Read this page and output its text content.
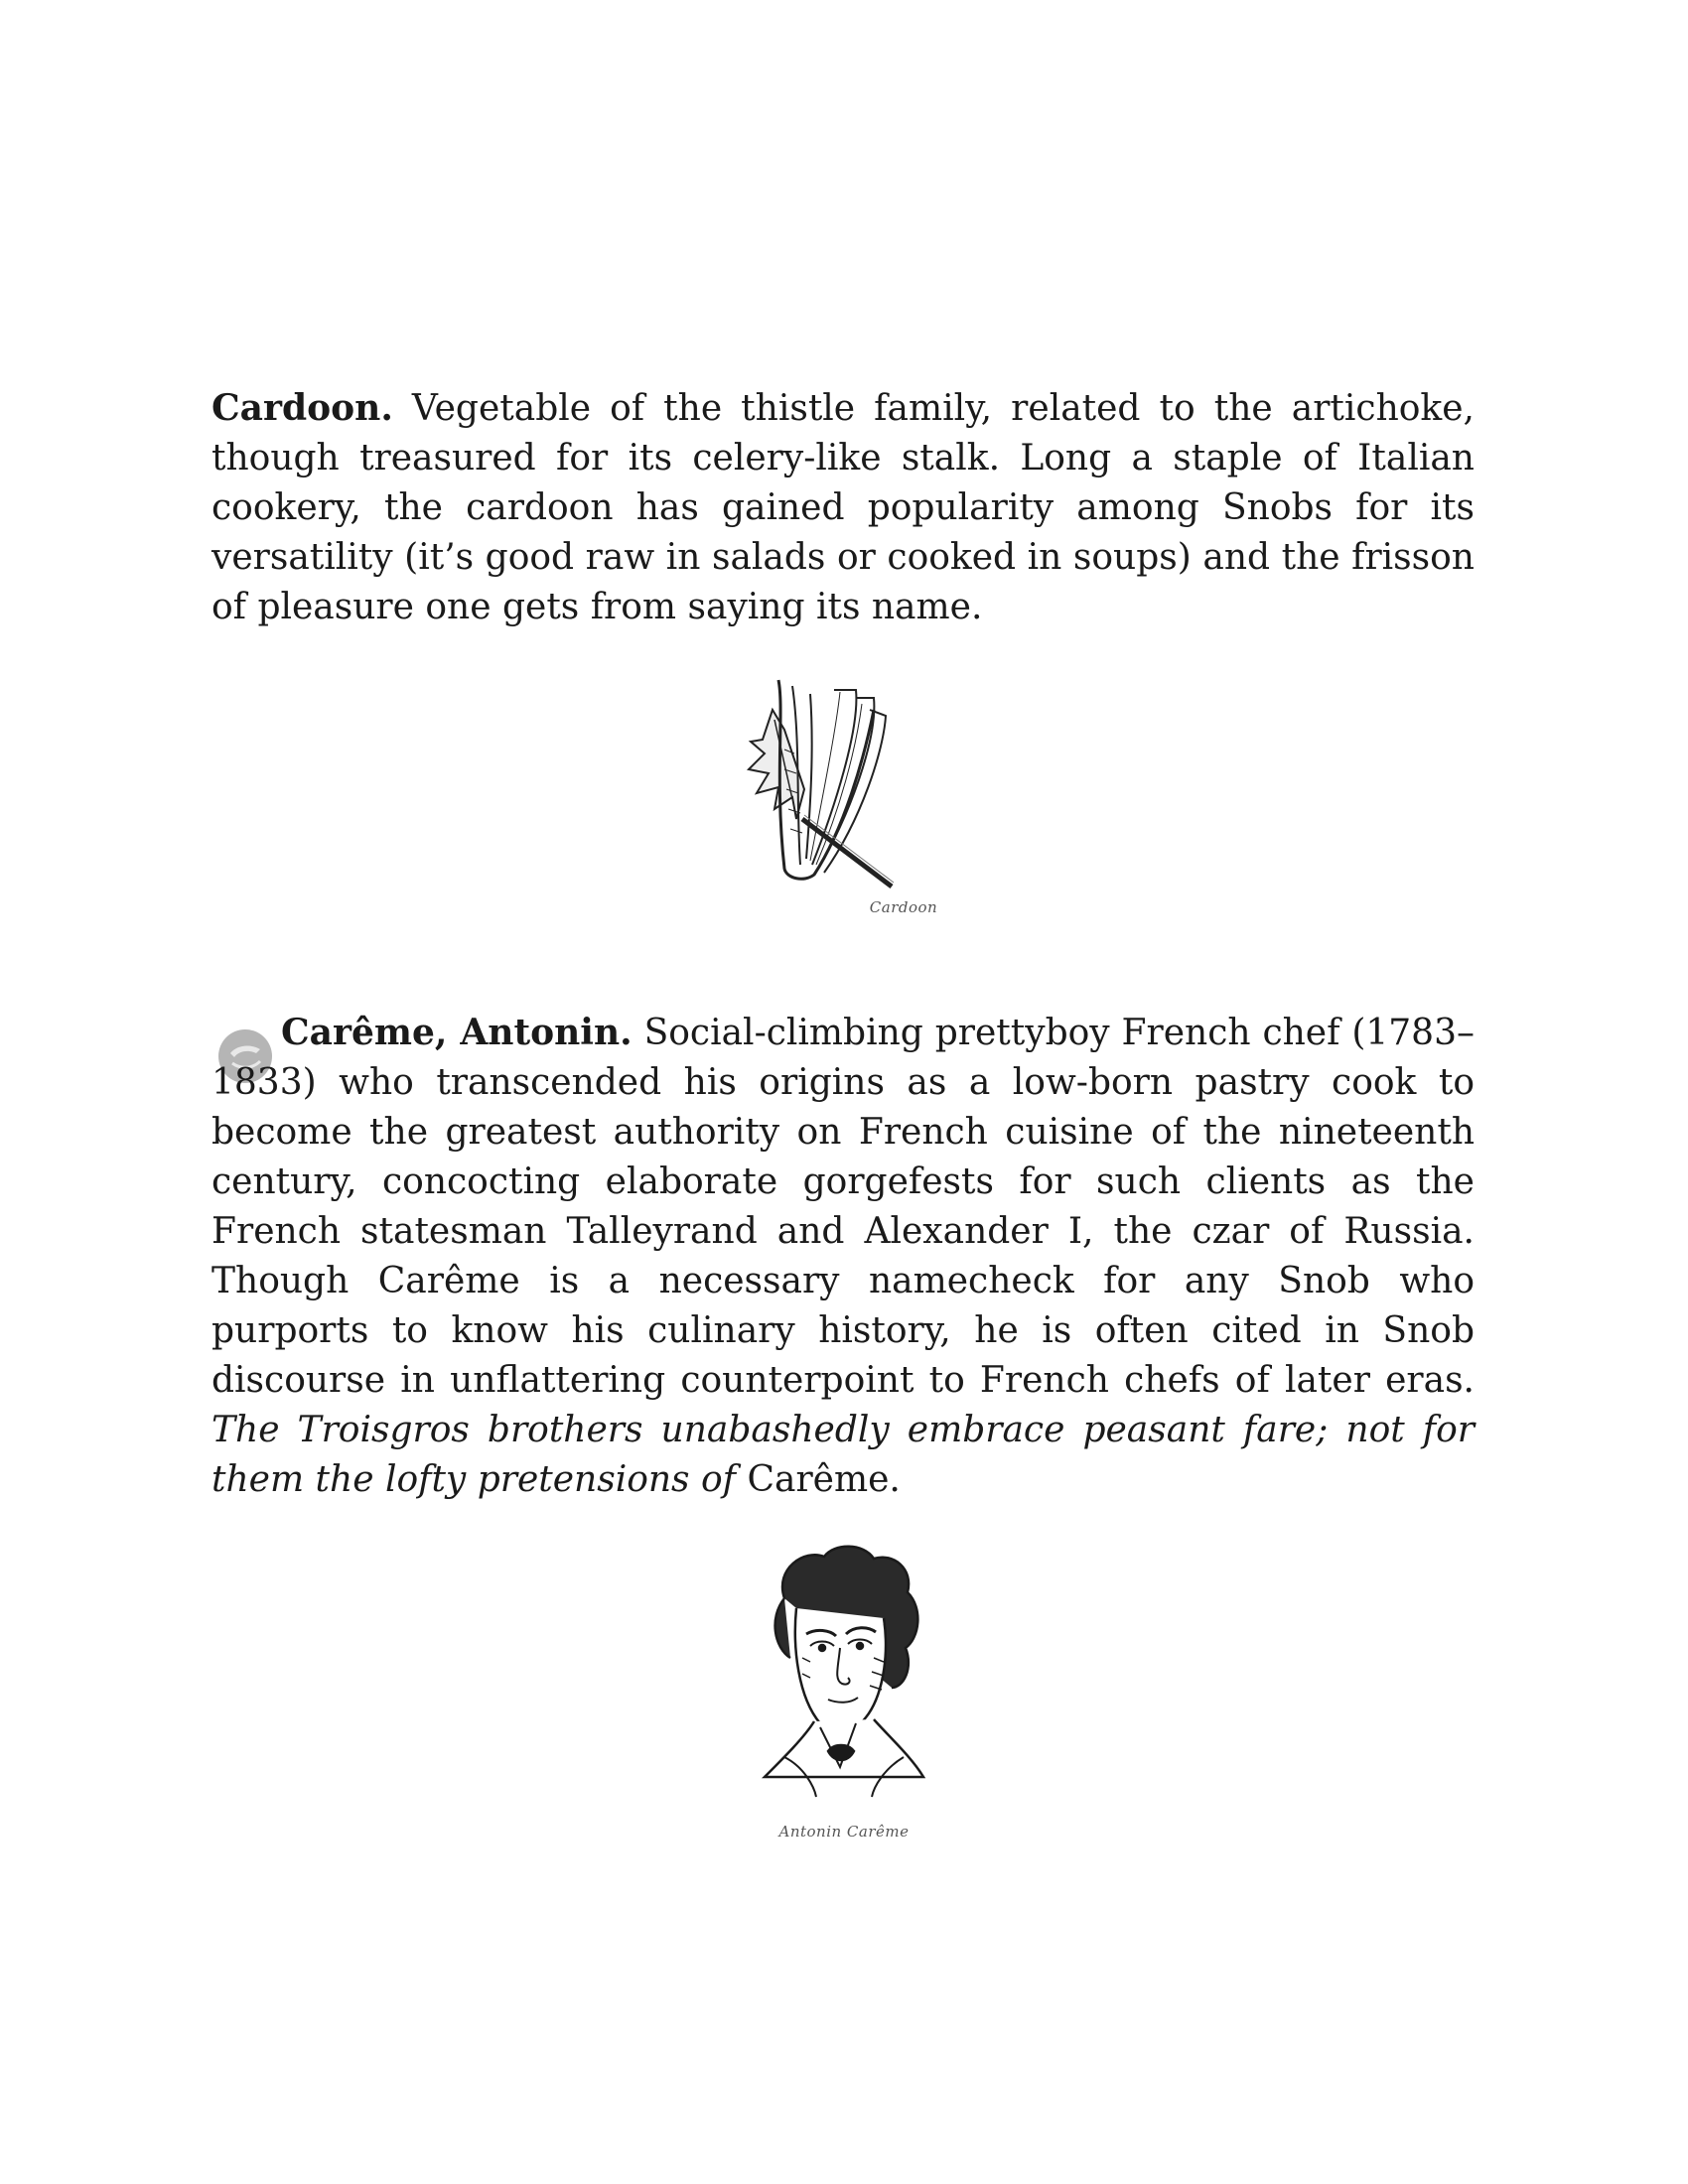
Cardoon. Vegetable of the thistle family, related to the artichoke, though treasured for its celery-like stalk. Long a staple of Italian cookery, the cardoon has gained popularity among Snobs for its versatility (it’s good raw in salads or cooked in soups) and the frisson of pleasure one gets from saying its name.

Cardoon

Carême, Antonin. Social-climbing prettyboy French chef (1783–1833) who transcended his origins as a low-born pastry cook to become the greatest authority on French cuisine of the nineteenth century, concocting elaborate gorgefests for such clients as the French statesman Talleyrand and Alexander I, the czar of Russia. Though Carême is a necessary namecheck for any Snob who purports to know his culinary history, he is often cited in Snob discourse in unflattering counterpoint to French chefs of later eras. The Troisgros brothers unabashedly embrace peasant fare; not for them the lofty pretensions of Carême.

Antonin Carême
